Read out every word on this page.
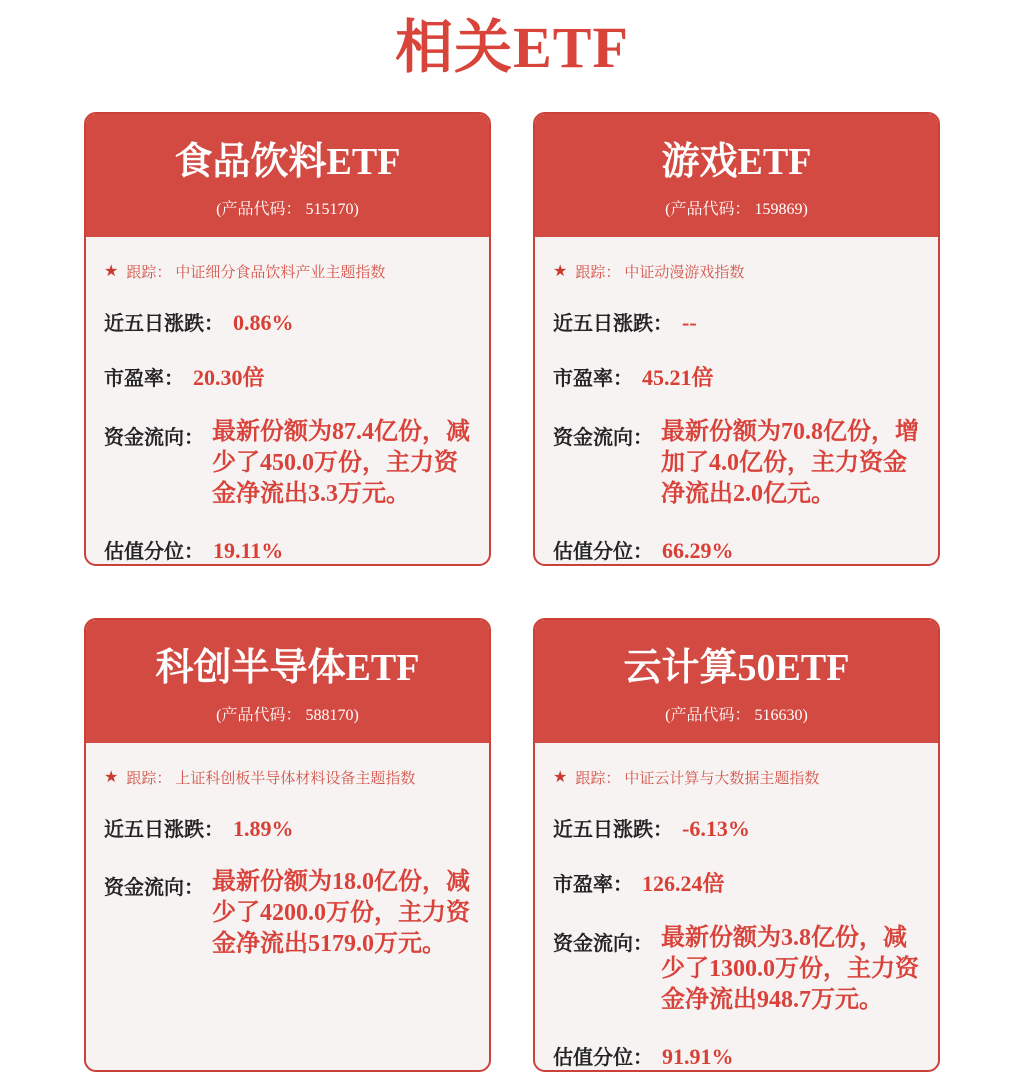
相关ETF
食品饮料ETF
(产品代码： 515170)
★ 跟踪： 中证细分食品饮料产业主题指数
近五日涨跌： 0.86%
市盈率： 20.30倍
资金流向： 最新份额为87.4亿份，减少了450.0万份，主力资金净流出3.3万元。
估值分位： 19.11%
游戏ETF
(产品代码： 159869)
★ 跟踪： 中证动漫游戏指数
近五日涨跌： --
市盈率： 45.21倍
资金流向： 最新份额为70.8亿份，增加了4.0亿份，主力资金净流出2.0亿元。
估值分位： 66.29%
科创半导体ETF
(产品代码： 588170)
★ 跟踪： 上证科创板半导体材料设备主题指数
近五日涨跌： 1.89%
资金流向： 最新份额为18.0亿份，减少了4200.0万份，主力资金净流出5179.0万元。
云计算50ETF
(产品代码： 516630)
★ 跟踪： 中证云计算与大数据主题指数
近五日涨跌： -6.13%
市盈率： 126.24倍
资金流向： 最新份额为3.8亿份，减少了1300.0万份，主力资金净流出948.7万元。
估值分位： 91.91%
